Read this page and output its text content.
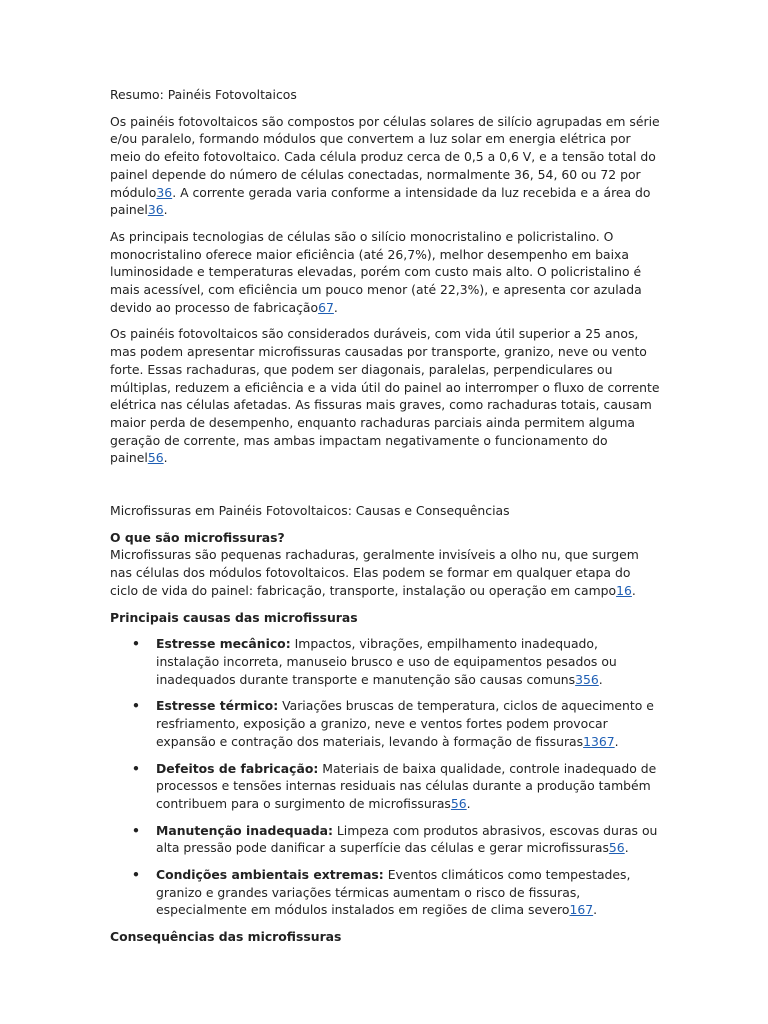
Resumo: Painéis Fotovoltaicos

Os painéis fotovoltaicos são compostos por células solares de silício agrupadas em série e/ou paralelo, formando módulos que convertem a luz solar em energia elétrica por meio do efeito fotovoltaico. Cada célula produz cerca de 0,5 a 0,6 V, e a tensão total do painel depende do número de células conectadas, normalmente 36, 54, 60 ou 72 por módulo36. A corrente gerada varia conforme a intensidade da luz recebida e a área do painel36.

As principais tecnologias de células são o silício monocristalino e policristalino. O monocristalino oferece maior eficiência (até 26,7%), melhor desempenho em baixa luminosidade e temperaturas elevadas, porém com custo mais alto. O policristalino é mais acessível, com eficiência um pouco menor (até 22,3%), e apresenta cor azulada devido ao processo de fabricação67.

Os painéis fotovoltaicos são considerados duráveis, com vida útil superior a 25 anos, mas podem apresentar microfissuras causadas por transporte, granizo, neve ou vento forte. Essas rachaduras, que podem ser diagonais, paralelas, perpendiculares ou múltiplas, reduzem a eficiência e a vida útil do painel ao interromper o fluxo de corrente elétrica nas células afetadas. As fissuras mais graves, como rachaduras totais, causam maior perda de desempenho, enquanto rachaduras parciais ainda permitem alguma geração de corrente, mas ambas impactam negativamente o funcionamento do painel56.

Microfissuras em Painéis Fotovoltaicos: Causas e Consequências

O que são microfissuras?
Microfissuras são pequenas rachaduras, geralmente invisíveis a olho nu, que surgem nas células dos módulos fotovoltaicos. Elas podem se formar em qualquer etapa do ciclo de vida do painel: fabricação, transporte, instalação ou operação em campo16.

Principais causas das microfissuras

• Estresse mecânico: Impactos, vibrações, empilhamento inadequado, instalação incorreta, manuseio brusco e uso de equipamentos pesados ou inadequados durante transporte e manutenção são causas comuns356.
• Estresse térmico: Variações bruscas de temperatura, ciclos de aquecimento e resfriamento, exposição a granizo, neve e ventos fortes podem provocar expansão e contração dos materiais, levando à formação de fissuras1367.
• Defeitos de fabricação: Materiais de baixa qualidade, controle inadequado de processos e tensões internas residuais nas células durante a produção também contribuem para o surgimento de microfissuras56.
• Manutenção inadequada: Limpeza com produtos abrasivos, escovas duras ou alta pressão pode danificar a superfície das células e gerar microfissuras56.
• Condições ambientais extremas: Eventos climáticos como tempestades, granizo e grandes variações térmicas aumentam o risco de fissuras, especialmente em módulos instalados em regiões de clima severo167.

Consequências das microfissuras
